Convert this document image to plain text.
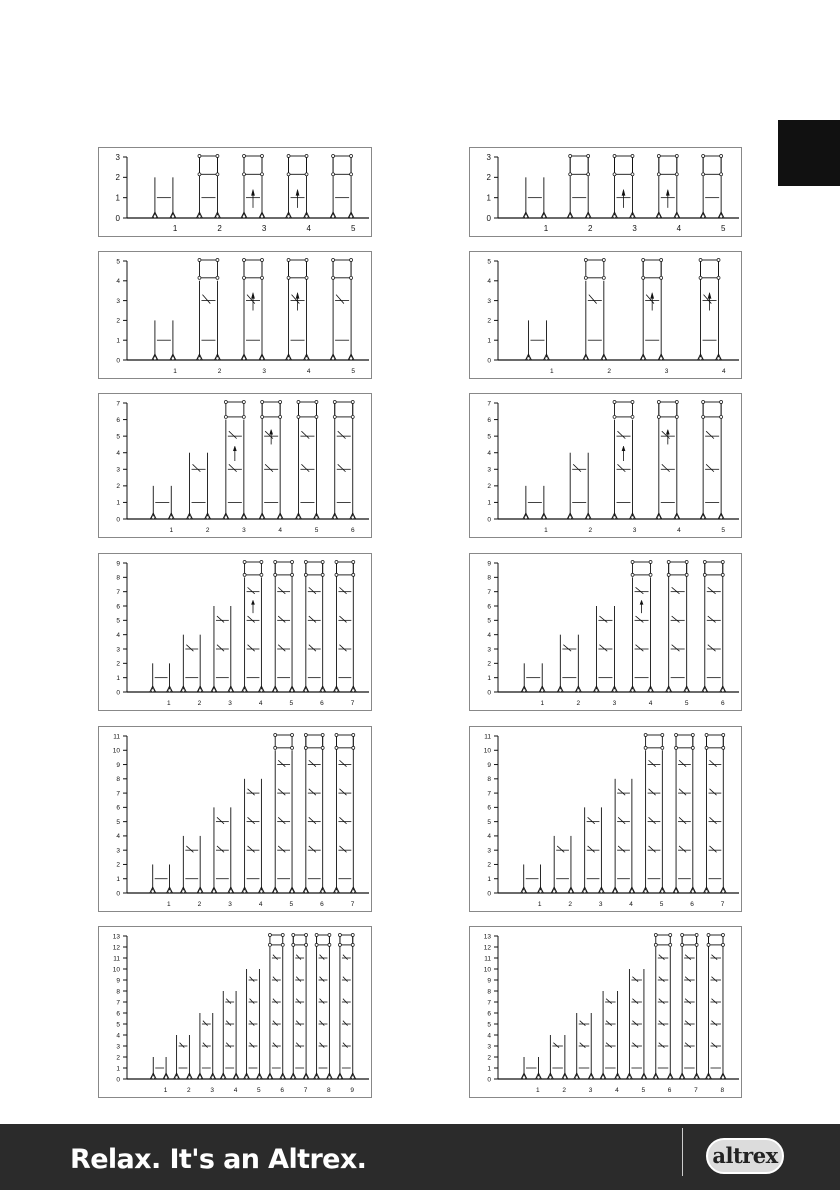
0
1
2
3
1	2	3	4	5
0
1
2
3
1	2	3	4	5
0
1
2
3
4
5
1	2	3	4	5
0
1
2
3
4
5
1	2	3	4
0
1
2
3
4
5
6
7
1	2	3	4	5	6
0
1
2
3
4
5
6
7
1	2	3	4	5
0
1
2
3
4
5
6
7
8
9
1	2	3	4	5	6	7
0
1
2
3
4
5
6
7
8
9
1	2	3	4	5	6
0
1
2
3
4
5
6
7
8
9
10
11
1	2	3	4	5	6	7
0
1
2
3
4
5
6
7
8
9
10
11
1	2	3	4	5	6	7
0
1
2
3
4
5
6
7
8
9
10
11
12
13
1	2	3	4	5	6	7	8	9
0
1
2
3
4
5
6
7
8
9
10
11
12
13
1	2	3	4	5	6	7	8
Relax. It's an Altrex.	altrex
